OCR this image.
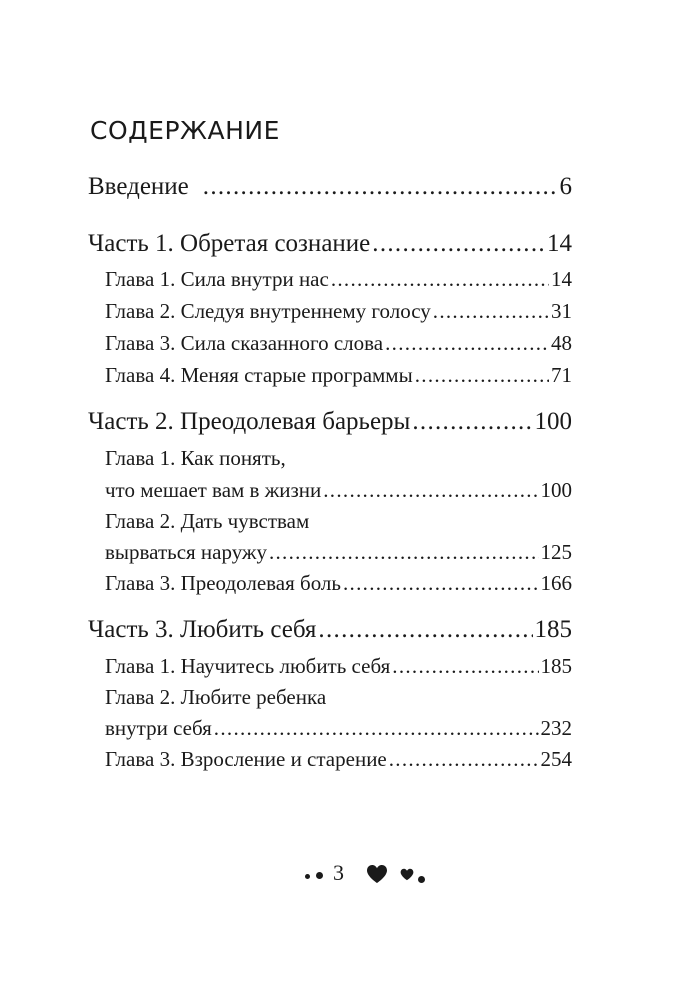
СОДЕРЖАНИЕ
Введение .....	6
Часть 1. Обретая сознание .....	14
Глава 1. Сила внутри нас .....	14
Глава 2. Следуя внутреннему голосу .....	31
Глава 3. Сила сказанного слова .....	48
Глава 4. Меняя старые программы .....	71
Часть 2. Преодолевая барьеры .....	100
Глава 1. Как понять,
что мешает вам в жизни .....	100
Глава 2. Дать чувствам
вырваться наружу .....	125
Глава 3. Преодолевая боль .....	166
Часть 3. Любить себя .....	185
Глава 1. Научитесь любить себя .....	185
Глава 2. Любите ребенка
внутри себя .....	232
Глава 3. Взросление и старение .....	254
3
